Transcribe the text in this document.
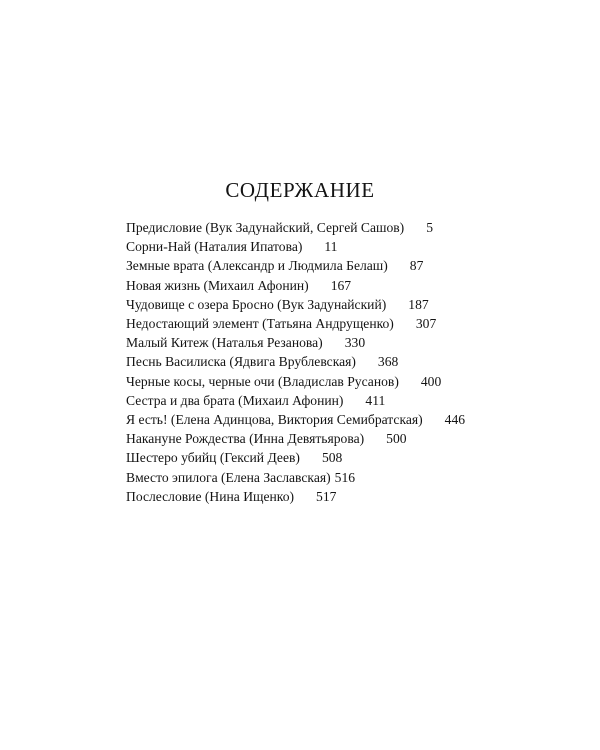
СОДЕРЖАНИЕ
Предисловие (Вук Задунайский, Сергей Сашов) 5
Сорни-Най (Наталия Ипатова) 11
Земные врата (Александр и Людмила Белаш) 87
Новая жизнь (Михаил Афонин) 167
Чудовище с озера Бросно (Вук Задунайский) 187
Недостающий элемент (Татьяна Андрущенко) 307
Малый Китеж (Наталья Резанова) 330
Песнь Василиска (Ядвига Врублевская) 368
Черные косы, черные очи (Владислав Русанов) 400
Сестра и два брата (Михаил Афонин) 411
Я есть! (Елена Адинцова, Виктория Семибратская) 446
Накануне Рождества (Инна Девятьярова) 500
Шестеро убийц (Гексий Деев) 508
Вместо эпилога (Елена Заславская) 516
Послесловие (Нина Ищенко) 517
